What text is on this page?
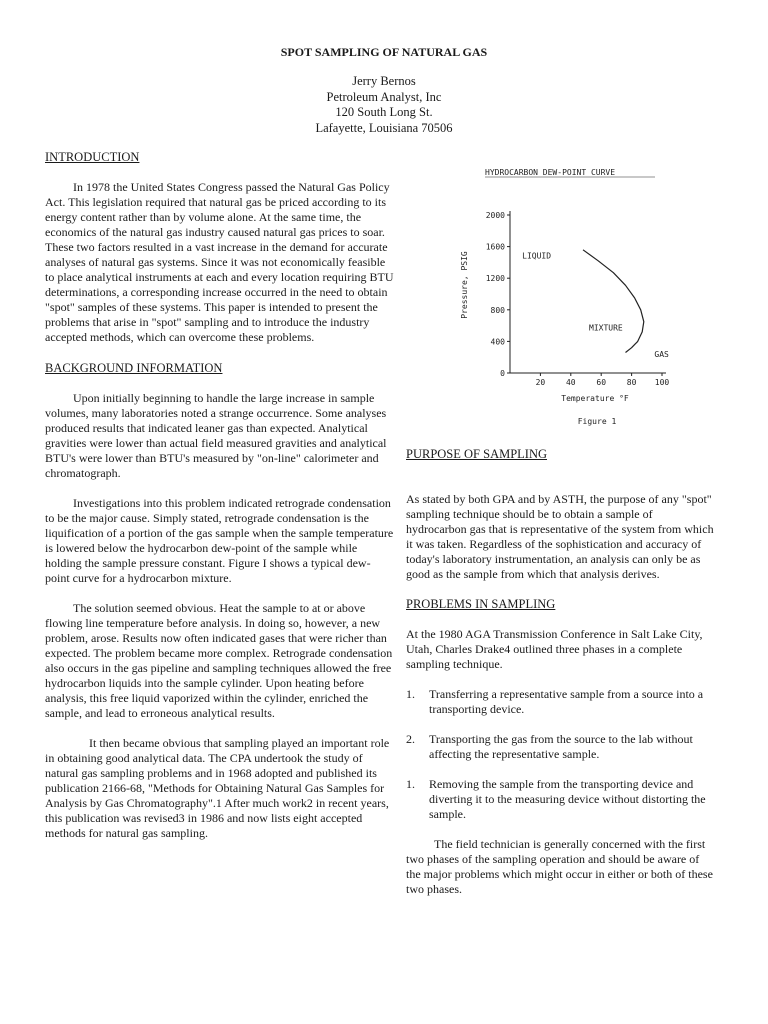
SPOT SAMPLING OF NATURAL GAS
Jerry Bernos
Petroleum Analyst, Inc
120 South Long St.
Lafayette, Louisiana 70506

INTRODUCTION

In 1978 the United States Congress passed the Natural Gas Policy Act. This legislation required that natural gas be priced according to its energy content rather than by volume alone. At the same time, the economics of the natural gas industry caused natural gas prices to soar. These two factors resulted in a vast increase in the demand for accurate analyses of natural gas systems. Since it was not economically feasible to place analytical instruments at each and every location requiring BTU determinations, a corresponding increase occurred in the need to obtain "spot" samples of these systems. This paper is intended to present the problems that arise in "spot" sampling and to introduce the industry accepted methods, which can overcome these problems.

BACKGROUND INFORMATION

Upon initially beginning to handle the large increase in sample volumes, many laboratories noted a strange occurrence. Some analyses produced results that indicated leaner gas than expected. Analytical gravities were lower than actual field measured gravities and analytical BTU's were lower than BTU's measured by "on-line" calorimeter and chromatograph.

Investigations into this problem indicated retrograde condensation to be the major cause. Simply stated, retrograde condensation is the liquification of a portion of the gas sample when the sample temperature is lowered below the hydrocarbon dew-point of the sample while holding the sample pressure constant. Figure I shows a typical dew-point curve for a hydrocarbon mixture.

The solution seemed obvious. Heat the sample to at or above flowing line temperature before analysis. In doing so, however, a new problem, arose. Results now often indicated gases that were richer than expected. The problem became more complex. Retrograde condensation also occurs in the gas pipeline and sampling techniques allowed the free hydrocarbon liquids into the sample cylinder. Upon heating before analysis, this free liquid vaporized within the cylinder, enriched the sample, and lead to erroneous analytical results.

It then became obvious that sampling played an important role in obtaining good analytical data. The CPA undertook the study of natural gas sampling problems and in 1968 adopted and published its publication 2166-68, "Methods for Obtaining Natural Gas Samples for Analysis by Gas Chromatography".1 After much work2 in recent years, this publication was revised3 in 1986 and now lists eight accepted methods for natural gas sampling.

HYDROCARBON DEW-POINT CURVE
0
400
800
1200
1600
2000
20	40	60	80 100
Pressure, PSIG
Temperature °F
LIQUID
MIXTURE
GAS
Figure 1

PURPOSE OF SAMPLING

As stated by both GPA and by ASTH, the purpose of any "spot" sampling technique should be to obtain a sample of hydrocarbon gas that is representative of the system from which it was taken. Regardless of the sophistication and accuracy of today's laboratory instrumentation, an analysis can only be as good as the sample from which that analysis derives.

PROBLEMS IN SAMPLING

At the 1980 AGA Transmission Conference in Salt Lake City, Utah, Charles Drake4 outlined three phases in a complete sampling technique.

1. Transferring a representative sample from a source into a transporting device.
2. Transporting the gas from the source to the lab without affecting the representative sample.
1. Removing the sample from the transporting device and diverting it to the measuring device without distorting the sample.

The field technician is generally concerned with the first two phases of the sampling operation and should be aware of the major problems which might occur in either or both of these two phases.
